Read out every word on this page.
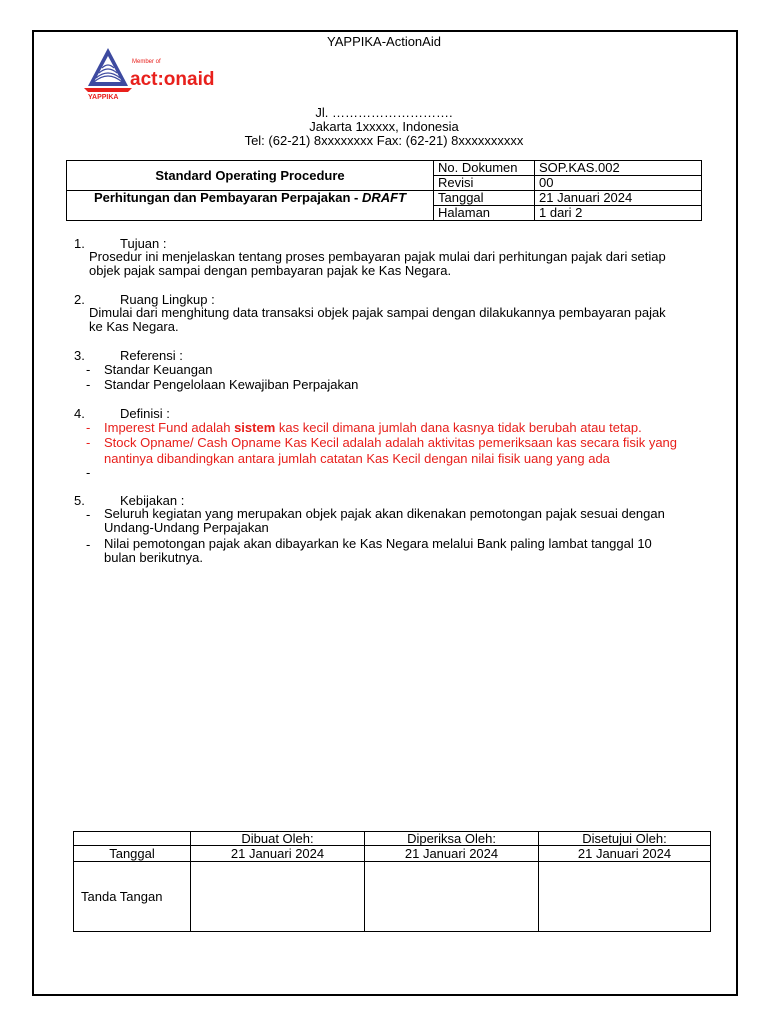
YAPPIKA-ActionAid
YAPPIKA
Member of
act:onaid
Jl. ……………………….
Jakarta 1xxxxx, Indonesia
Tel: (62-21) 8xxxxxxxx Fax: (62-21) 8xxxxxxxxxx
Standard Operating Procedure	No. Dokumen	SOP.KAS.002
	Revisi	00
Perhitungan dan Pembayaran Perpajakan - DRAFT	Tanggal	21 Januari 2024
	Halaman	1 dari 2
1.	Tujuan :
Prosedur ini menjelaskan tentang proses pembayaran pajak mulai dari perhitungan pajak dari setiap objek pajak sampai dengan pembayaran pajak ke Kas Negara.
2.	Ruang Lingkup :
Dimulai dari menghitung data transaksi objek pajak sampai dengan dilakukannya pembayaran pajak ke Kas Negara.
3.	Referensi :
- Standar Keuangan
- Standar Pengelolaan Kewajiban Perpajakan
4.	Definisi :
- Imperest Fund adalah sistem kas kecil dimana jumlah dana kasnya tidak berubah atau tetap.
- Stock Opname/ Cash Opname Kas Kecil adalah adalah aktivitas pemeriksaan kas secara fisik yang nantinya dibandingkan antara jumlah catatan Kas Kecil dengan nilai fisik uang yang ada
-
5.	Kebijakan :
- Seluruh kegiatan yang merupakan objek pajak akan dikenakan pemotongan pajak sesuai dengan Undang-Undang Perpajakan
- Nilai pemotongan pajak akan dibayarkan ke Kas Negara melalui Bank paling lambat tanggal 10 bulan berikutnya.
	Dibuat Oleh:	Diperiksa Oleh:	Disetujui Oleh:
Tanggal	21 Januari 2024	21 Januari 2024	21 Januari 2024
Tanda Tangan			
